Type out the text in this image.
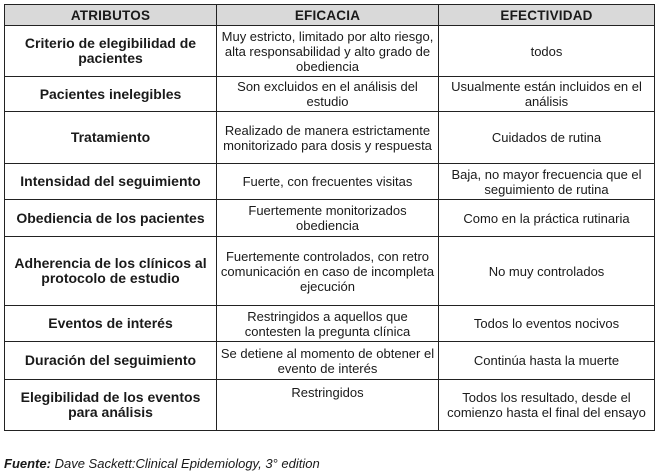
ATRIBUTOS	EFICACIA	EFECTIVIDAD
Criterio de elegibilidad de pacientes	Muy estricto, limitado por alto riesgo, alta responsabilidad y alto grado de obediencia	todos
Pacientes inelegibles	Son excluidos en el análisis del estudio	Usualmente están incluidos en el análisis
Tratamiento	Realizado de manera estrictamente monitorizado para dosis y respuesta	Cuidados de rutina
Intensidad del seguimiento	Fuerte, con frecuentes visitas	Baja, no mayor frecuencia que el seguimiento de rutina
Obediencia de los pacientes	Fuertemente monitorizados obediencia	Como en la práctica rutinaria
Adherencia de los clínicos al protocolo de estudio	Fuertemente controlados, con retro comunicación en caso de incompleta ejecución	No muy controlados
Eventos de interés	Restringidos a aquellos que contesten la pregunta clínica	Todos lo eventos nocivos
Duración del seguimiento	Se detiene al momento de obtener el evento de interés	Continúa hasta la muerte
Elegibilidad de los eventos para análisis	Restringidos	Todos los resultado, desde el comienzo hasta el final del ensayo
Fuente: Dave Sackett:Clinical Epidemiology, 3° edition
